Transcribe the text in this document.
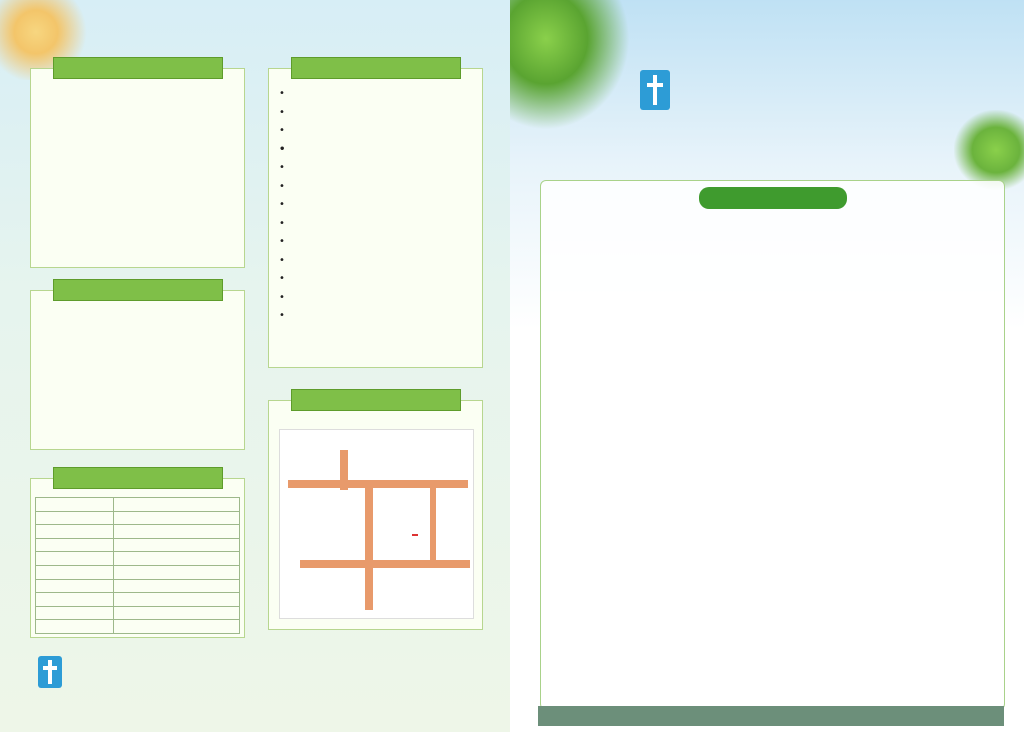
•
•
•
•
•
•
•
•
•
•
•
•
•
